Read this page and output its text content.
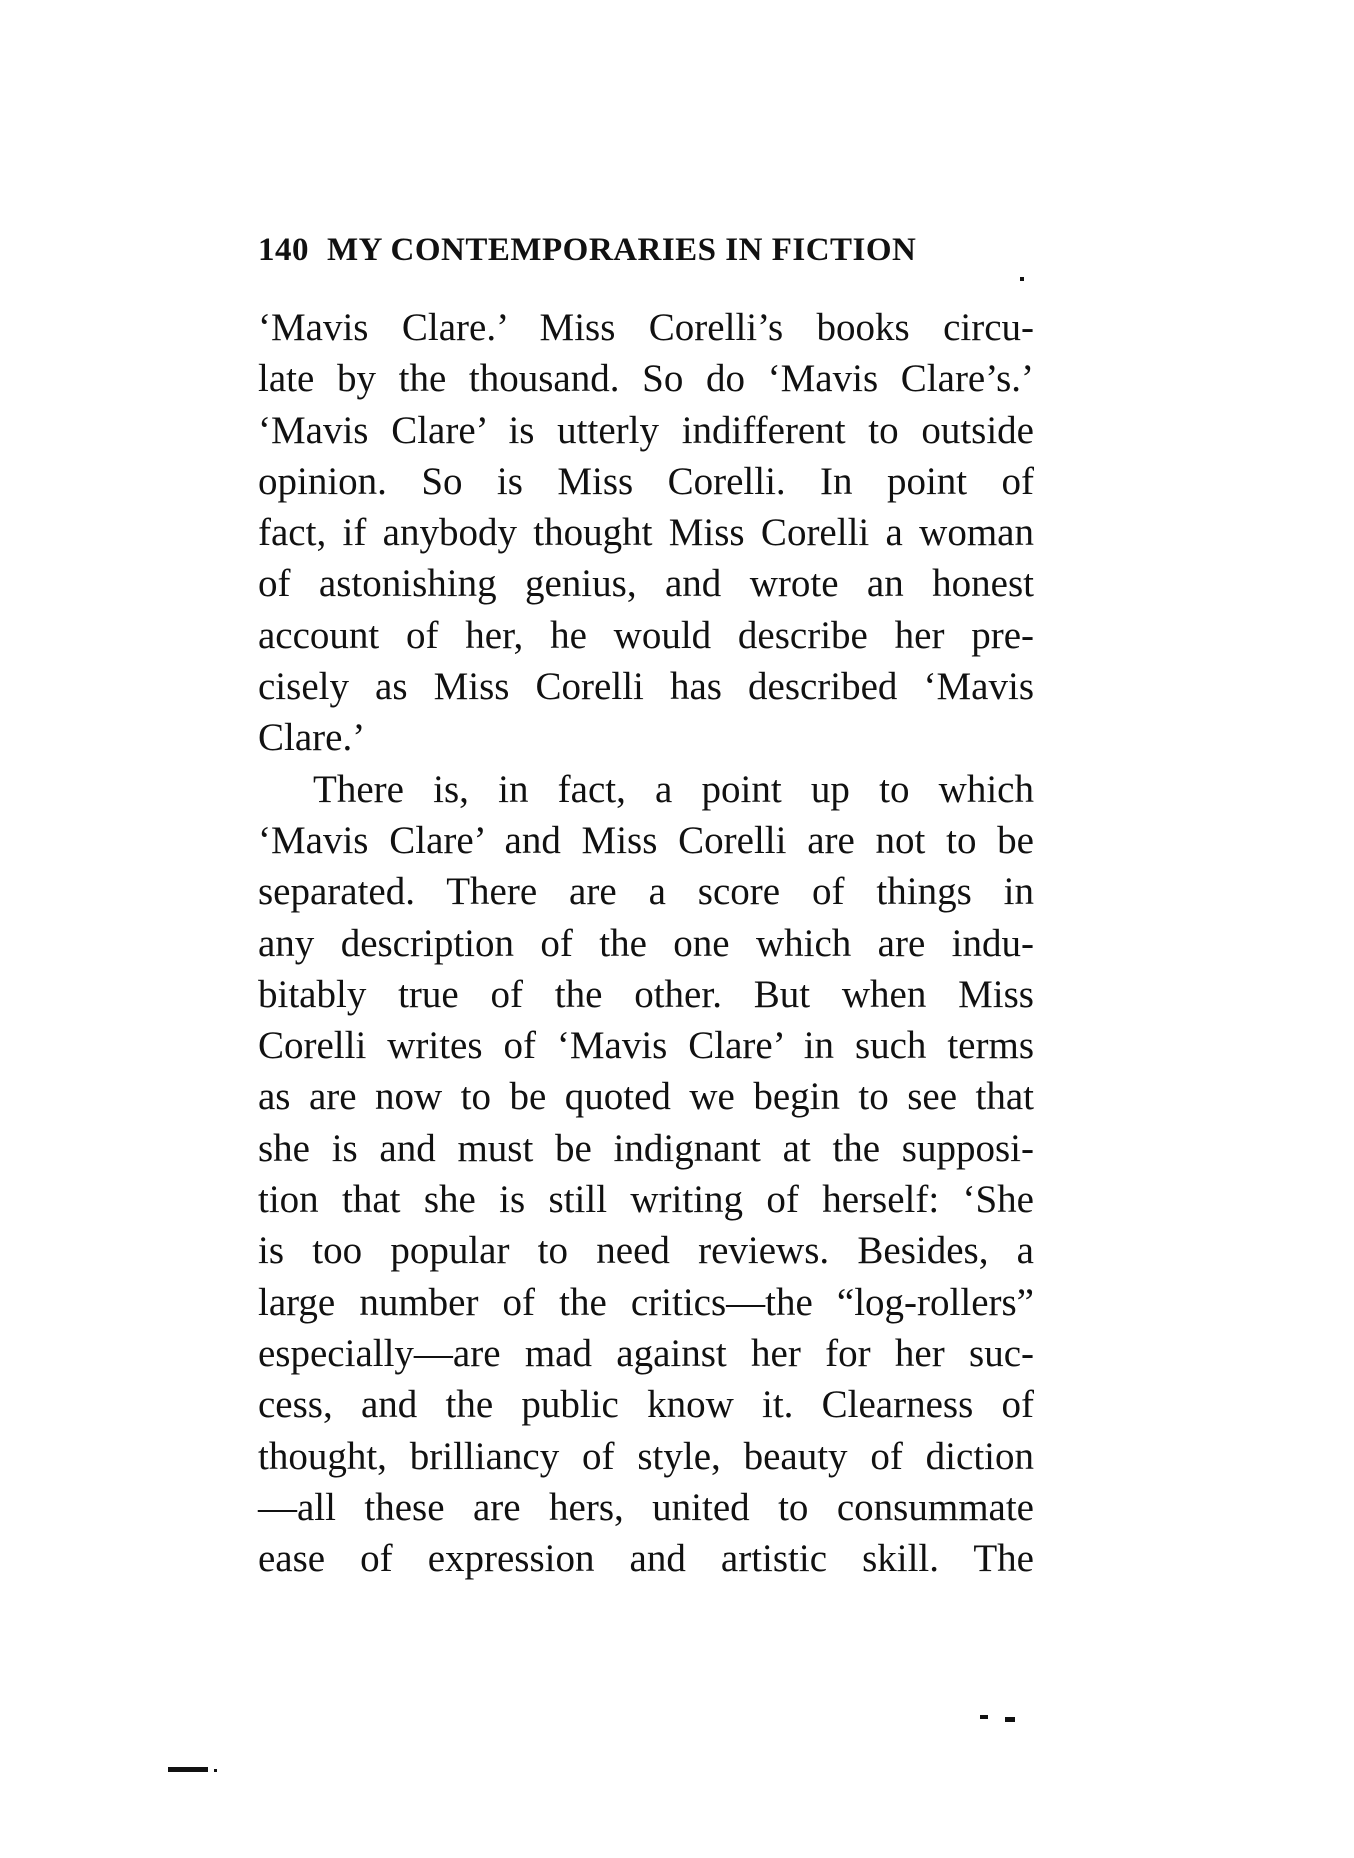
140 MY CONTEMPORARIES IN FICTION
‘Mavis Clare.’ Miss Corelli’s books circu-
late by the thousand. So do ‘Mavis Clare’s.’
‘Mavis Clare’ is utterly indifferent to outside
opinion. So is Miss Corelli. In point of
fact, if anybody thought Miss Corelli a woman
of astonishing genius, and wrote an honest
account of her, he would describe her pre-
cisely as Miss Corelli has described ‘Mavis
Clare.’
There is, in fact, a point up to which
‘Mavis Clare’ and Miss Corelli are not to be
separated. There are a score of things in
any description of the one which are indu-
bitably true of the other. But when Miss
Corelli writes of ‘Mavis Clare’ in such terms
as are now to be quoted we begin to see that
she is and must be indignant at the supposi-
tion that she is still writing of herself: ‘She
is too popular to need reviews. Besides, a
large number of the critics—the “log-rollers”
especially—are mad against her for her suc-
cess, and the public know it. Clearness of
thought, brilliancy of style, beauty of diction
—all these are hers, united to consummate
ease of expression and artistic skill. The
